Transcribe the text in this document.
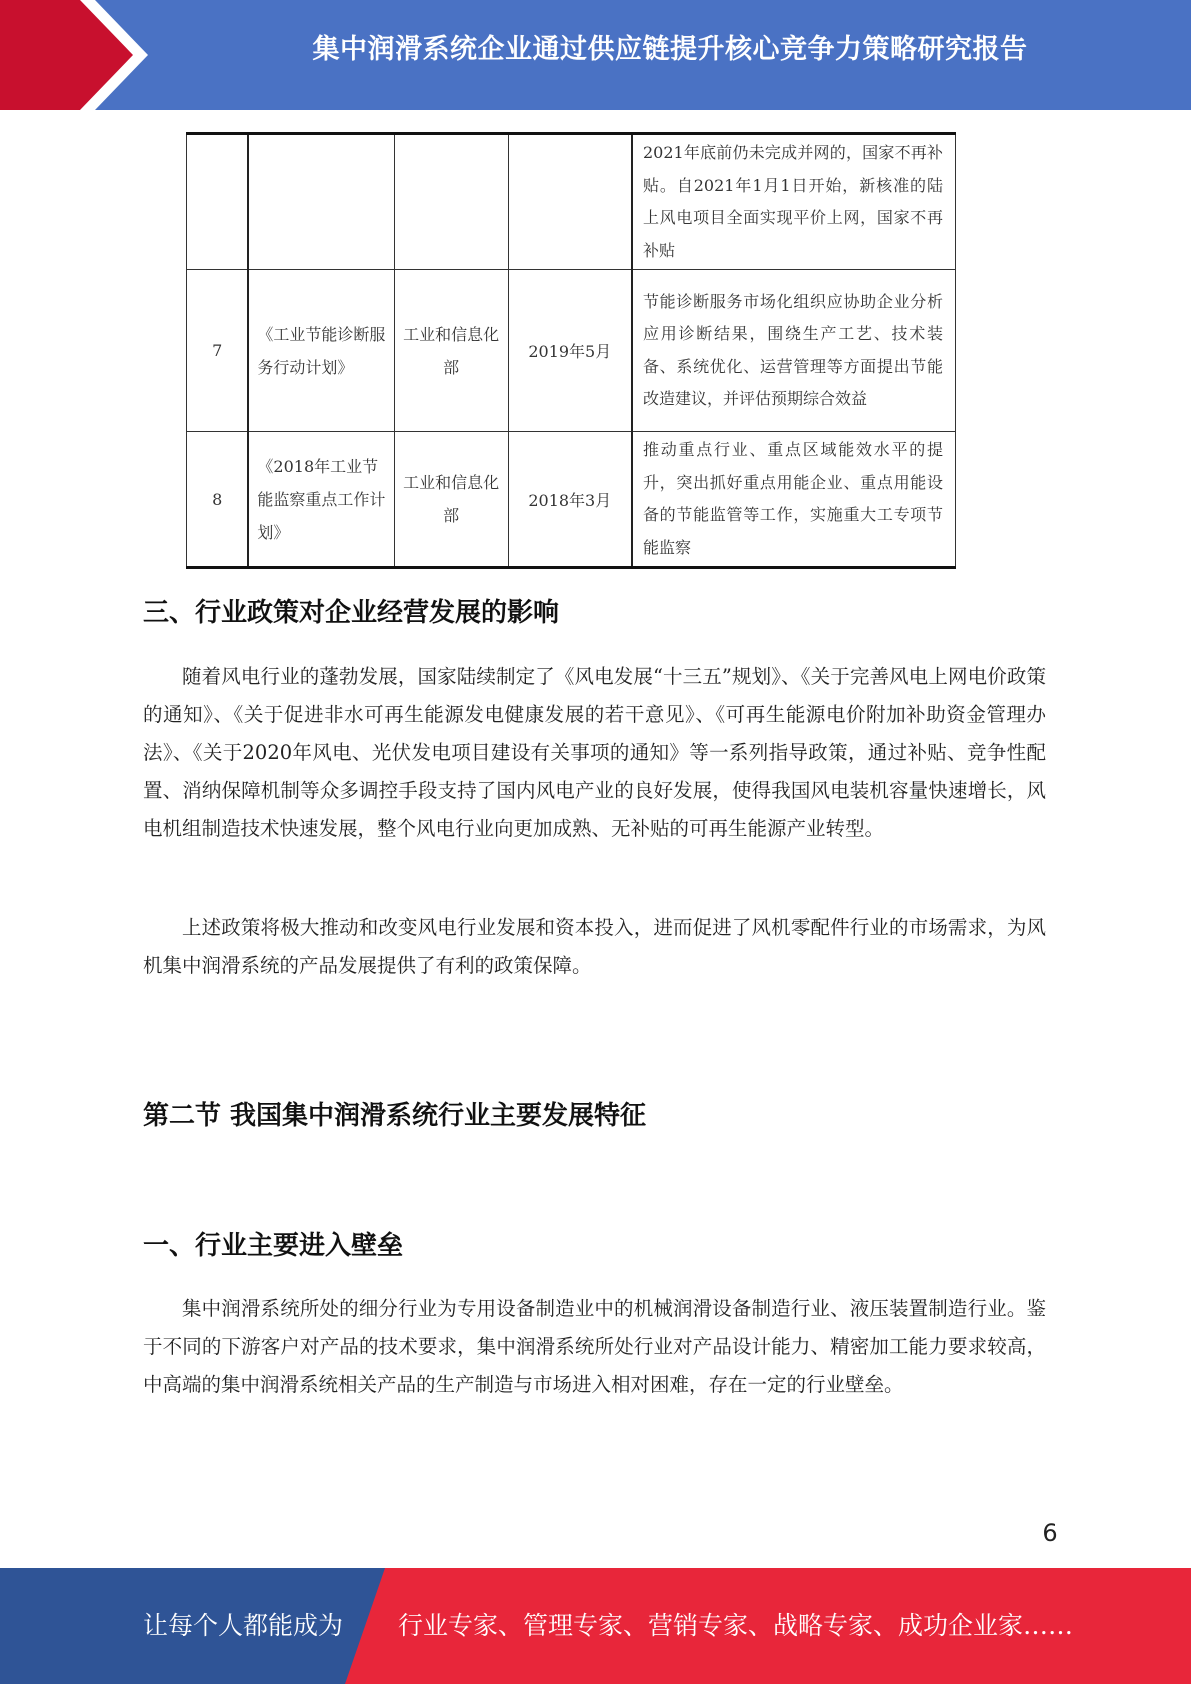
集中润滑系统企业通过供应链提升核心竞争力策略研究报告
				2021年底前仍未完成并网的，国家不再补贴。自2021年1月1日开始，新核准的陆上风电项目全面实现平价上网，国家不再补贴
7	《工业节能诊断服务行动计划》	工业和信息化部	2019年5月	节能诊断服务市场化组织应协助企业分析应用诊断结果，围绕生产工艺、技术装备、系统优化、运营管理等方面提出节能改造建议，并评估预期综合效益
8	《2018年工业节能监察重点工作计划》	工业和信息化部	2018年3月	推动重点行业、重点区域能效水平的提升，突出抓好重点用能企业、重点用能设备的节能监管等工作，实施重大工专项节能监察
三、行业政策对企业经营发展的影响

随着风电行业的蓬勃发展，国家陆续制定了《风电发展“十三五”规划》、《关于完善风电上网电价政策的通知》、《关于促进非水可再生能源发电健康发展的若干意见》、《可再生能源电价附加补助资金管理办法》、《关于2020年风电、光伏发电项目建设有关事项的通知》等一系列指导政策，通过补贴、竞争性配置、消纳保障机制等众多调控手段支持了国内风电产业的良好发展，使得我国风电装机容量快速增长，风电机组制造技术快速发展，整个风电行业向更加成熟、无补贴的可再生能源产业转型。

上述政策将极大推动和改变风电行业发展和资本投入，进而促进了风机零配件行业的市场需求，为风机集中润滑系统的产品发展提供了有利的政策保障。

第二节 我国集中润滑系统行业主要发展特征
一、行业主要进入壁垒

集中润滑系统所处的细分行业为专用设备制造业中的机械润滑设备制造行业、液压装置制造行业。鉴于不同的下游客户对产品的技术要求，集中润滑系统所处行业对产品设计能力、精密加工能力要求较高，中高端的集中润滑系统相关产品的生产制造与市场进入相对困难，存在一定的行业壁垒。

6
让每个人都能成为 行业专家、管理专家、营销专家、战略专家、成功企业家……
